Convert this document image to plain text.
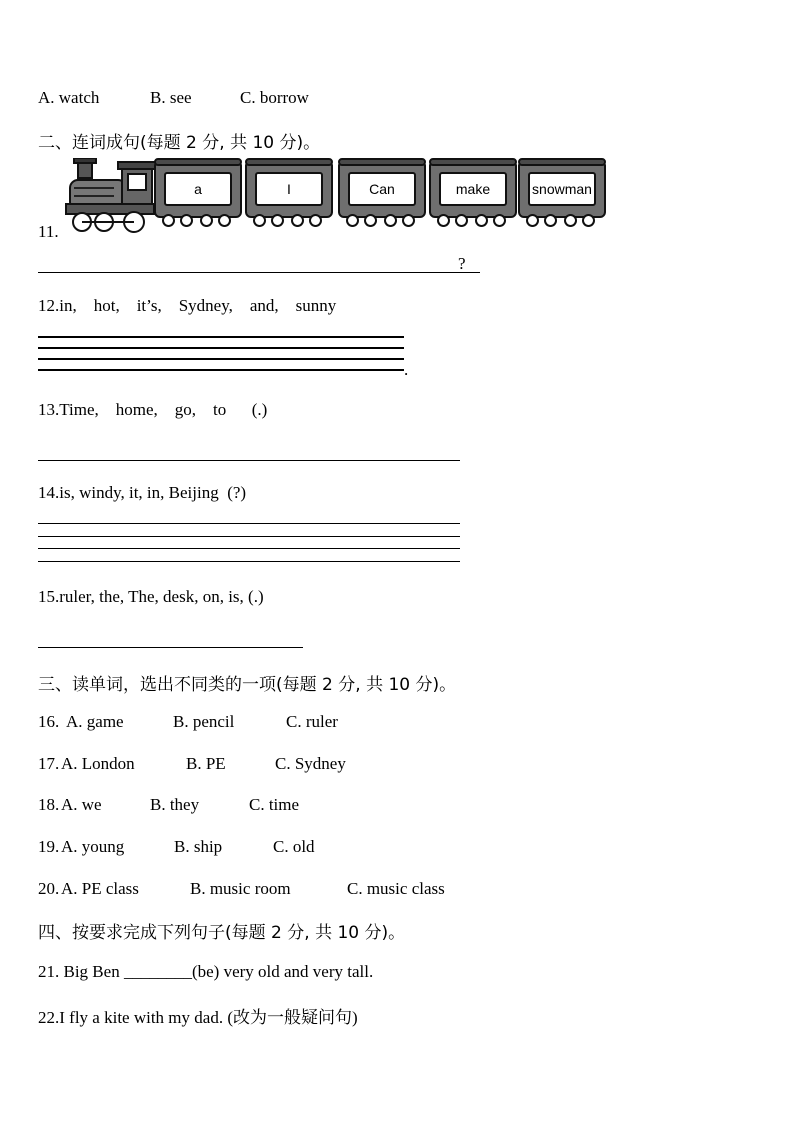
A. watch	B. see	C. borrow
二、连词成句(每题 2 分, 共 10 分)。
11.
a	I	Can	make	snowman
?
12.in,    hot,    it’s,    Sydney,    and,    sunny
.
13.Time,    home,    go,    to      (.)
14.is, windy, it, in, Beijing  (?)
15.ruler, the, The, desk, on, is, (.)
三、读单词，选出不同类的一项(每题 2 分, 共 10 分)。
16. A. game	B. pencil	C. ruler
17. A. London	B. PE	C. Sydney
18. A. we	B. they	C. time
19. A. young	B. ship	C. old
20. A. PE class	B. music room	C. music class
四、按要求完成下列句子(每题 2 分, 共 10 分)。
21. Big Ben ________(be) very old and very tall.
22.I fly a kite with my dad. (改为一般疑问句)
